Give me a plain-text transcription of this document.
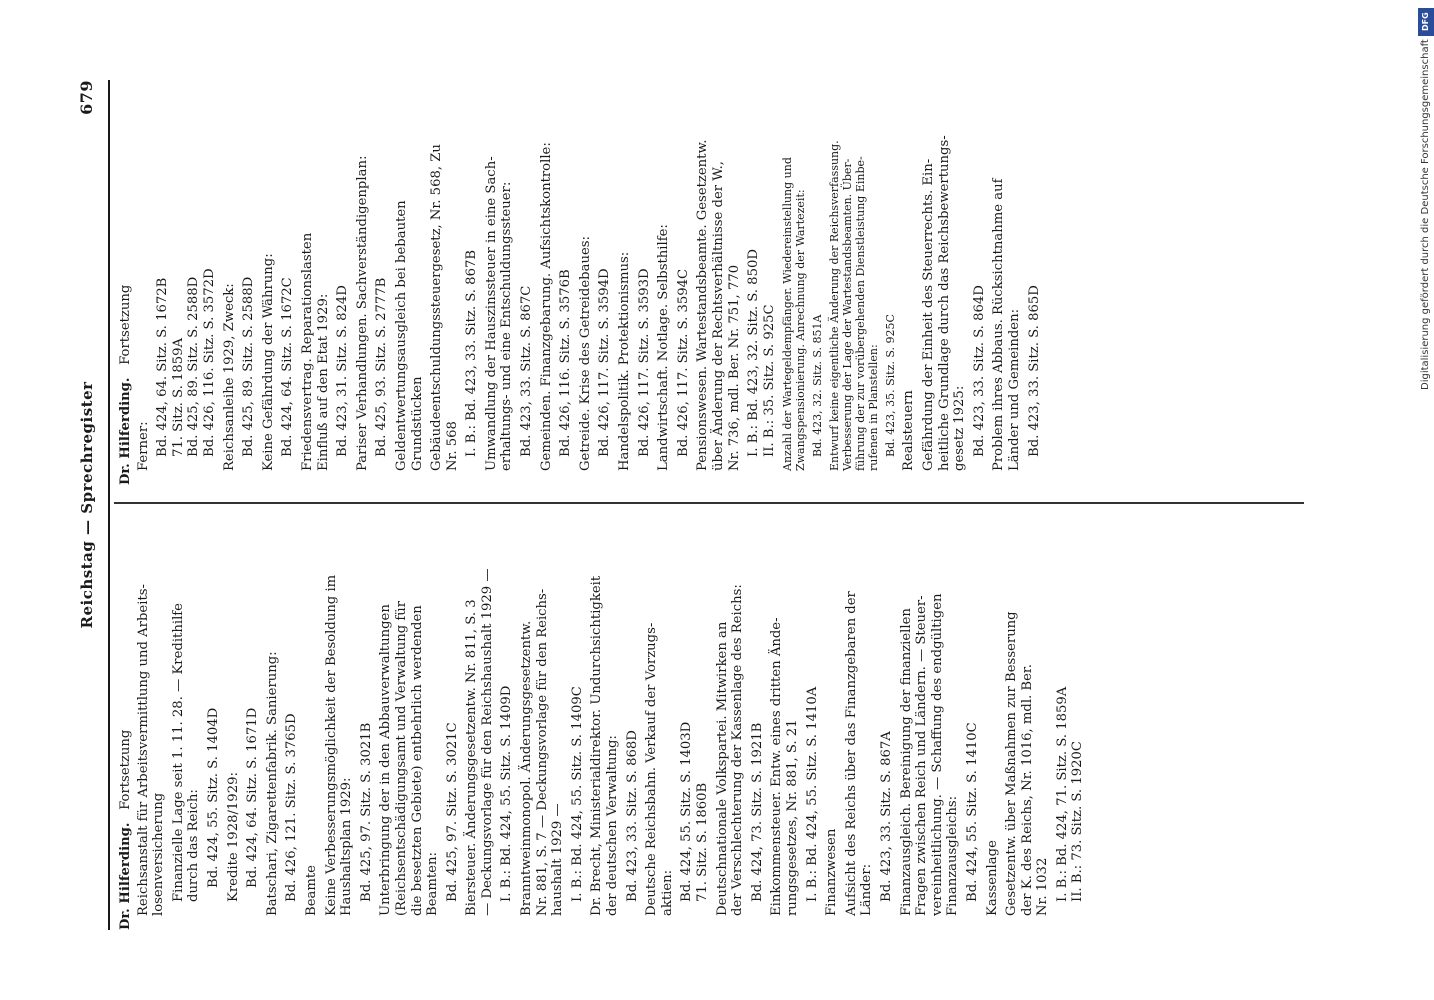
Reichstag — Sprechregister
679
Dr. Hilferding. Fortsetzung Reichsanstalt für Arbeitsvermittlung und Arbeits- losenversicherung Finanzielle Lage seit 1. 11. 28. — Kredithilfe durch das Reich: Bd. 424, 55. Sitz. S. 1404D Kredite 1928/1929: Bd. 424, 64. Sitz. S. 1671D Batschari, Zigarettenfabrik. Sanierung: Bd. 426, 121. Sitz. S. 3765D Beamte Keine Verbesserungsmöglichkeit der Besoldung im Haushaltsplan 1929: Bd. 425, 97. Sitz. S. 3021B Unterbringung der in den Abbauverwaltungen (Reichsentschädigungsamt und Verwaltung für die besetzten Gebiete) entbehrlich werdenden Beamten: Bd. 425, 97. Sitz. S. 3021C Biersteuer. Änderungsgesetzentw. Nr. 811, S. 3 — Deckungsvorlage für den Reichshaushalt 1929 — I. B.: Bd. 424, 55. Sitz. S. 1409D Branntweinmonopol. Änderungsgesetzentw. Nr. 881, S. 7 — Deckungsvorlage für den Reichs- haushalt 1929 — I. B.: Bd. 424, 55. Sitz. S. 1409C Dr. Brecht, Ministerialdirektor. Undurchsichtigkeit der deutschen Verwaltung: Bd. 423, 33. Sitz. S. 868D Deutsche Reichsbahn. Verkauf der Vorzugs- aktien: Bd. 424, 55. Sitz. S. 1403D 71. Sitz. S. 1860B Deutschnationale Volkspartei. Mitwirken an der Verschlechterung der Kassenlage des Reichs: Bd. 424, 73. Sitz. S. 1921B Einkommensteuer. Entw. eines dritten Ände- rungsgesetzes, Nr. 881, S. 21 I. B.: Bd. 424, 55. Sitz. S. 1410A Finanzwesen Aufsicht des Reichs über das Finanzgebaren der Länder: Bd. 423, 33. Sitz. S. 867A Finanzausgleich. Bereinigung der finanziellen Fragen zwischen Reich und Ländern. — Steuer- vereinheitlichung. — Schaffung des endgültigen Finanzausgleichs: Bd. 424, 55. Sitz. S. 1410C Kassenlage Gesetzentw. über Maßnahmen zur Besserung der K. des Reichs, Nr. 1016, mdl. Ber. Nr. 1032 I. B.: Bd. 424, 71. Sitz. S. 1859A II. B.: 73. Sitz. S. 1920C
Dr. Hilferding. Fortsetzung
Ferner: Bd. 424, 64. Sitz. S. 1672B 71. Sitz. S. 1859A Bd. 425, 89. Sitz. S. 2588D Bd. 426, 116. Sitz. S. 3572D Reichsanleihe 1929, Zweck: Bd. 425, 89. Sitz. S. 2588D Keine Gefährdung der Währung: Bd. 424, 64. Sitz. S. 1672C Friedensvertrag. Reparationslasten Einfluß auf den Etat 1929: Bd. 423, 31. Sitz. S. 824D Pariser Verhandlungen. Sachverständigenplan: Bd. 425, 93. Sitz. S. 2777B Geldentwertungsausgleich bei bebauten Grundstücken Gebäudeentschuldungssteuergesetz, Nr. 568, Zu Nr. 568 I. B.: Bd. 423, 33. Sitz. S. 867B Umwandlung der Hauszinssteuer in eine Sach- erhaltungs- und eine Entschuldungssteuer: Bd. 423, 33. Sitz. S. 867C Gemeinden. Finanzgebarung. Aufsichtskontrolle: Bd. 426, 116. Sitz. S. 3576B Getreide. Krise des Getreidebaues: Bd. 426, 117. Sitz. S. 3594D Handelspolitik. Protektionismus: Bd. 426, 117. Sitz. S. 3593D Landwirtschaft. Notlage. Selbsthilfe: Bd. 426, 117. Sitz. S. 3594C Pensionswesen. Wartestandsbeamte. Gesetzentw. über Änderung der Rechtsverhältnisse der W., Nr. 736, mdl. Ber. Nr. 751, 770 I. B.: Bd. 423, 32. Sitz. S. 850D II. B.: 35. Sitz. S. 925C Anzahl der Wartegeldempfänger. Wiedereinstellung und Zwangspensionierung. Anrechnung der Wartezeit: Bd. 423, 32. Sitz. S. 851A Entwurf keine eigentliche Änderung der Reichsverfassung. Verbesserung der Lage der Wartestandsbeamten. Über- führung der zur vorübergehenden Dienstleistung Einbe- rufenen in Planstellen: Bd. 423, 35. Sitz. S. 925C Realsteuern Gefährdung der Einheit des Steuerrechts. Ein- heitliche Grundlage durch das Reichsbewertungs- gesetz 1925: Bd. 423, 33. Sitz. S. 864D Problem ihres Abbaus. Rücksichtnahme auf Länder und Gemeinden: Bd. 423, 33. Sitz. S. 865D
DFG
Digitalisierung gefördert durch die Deutsche Forschungsgemeinschaft
